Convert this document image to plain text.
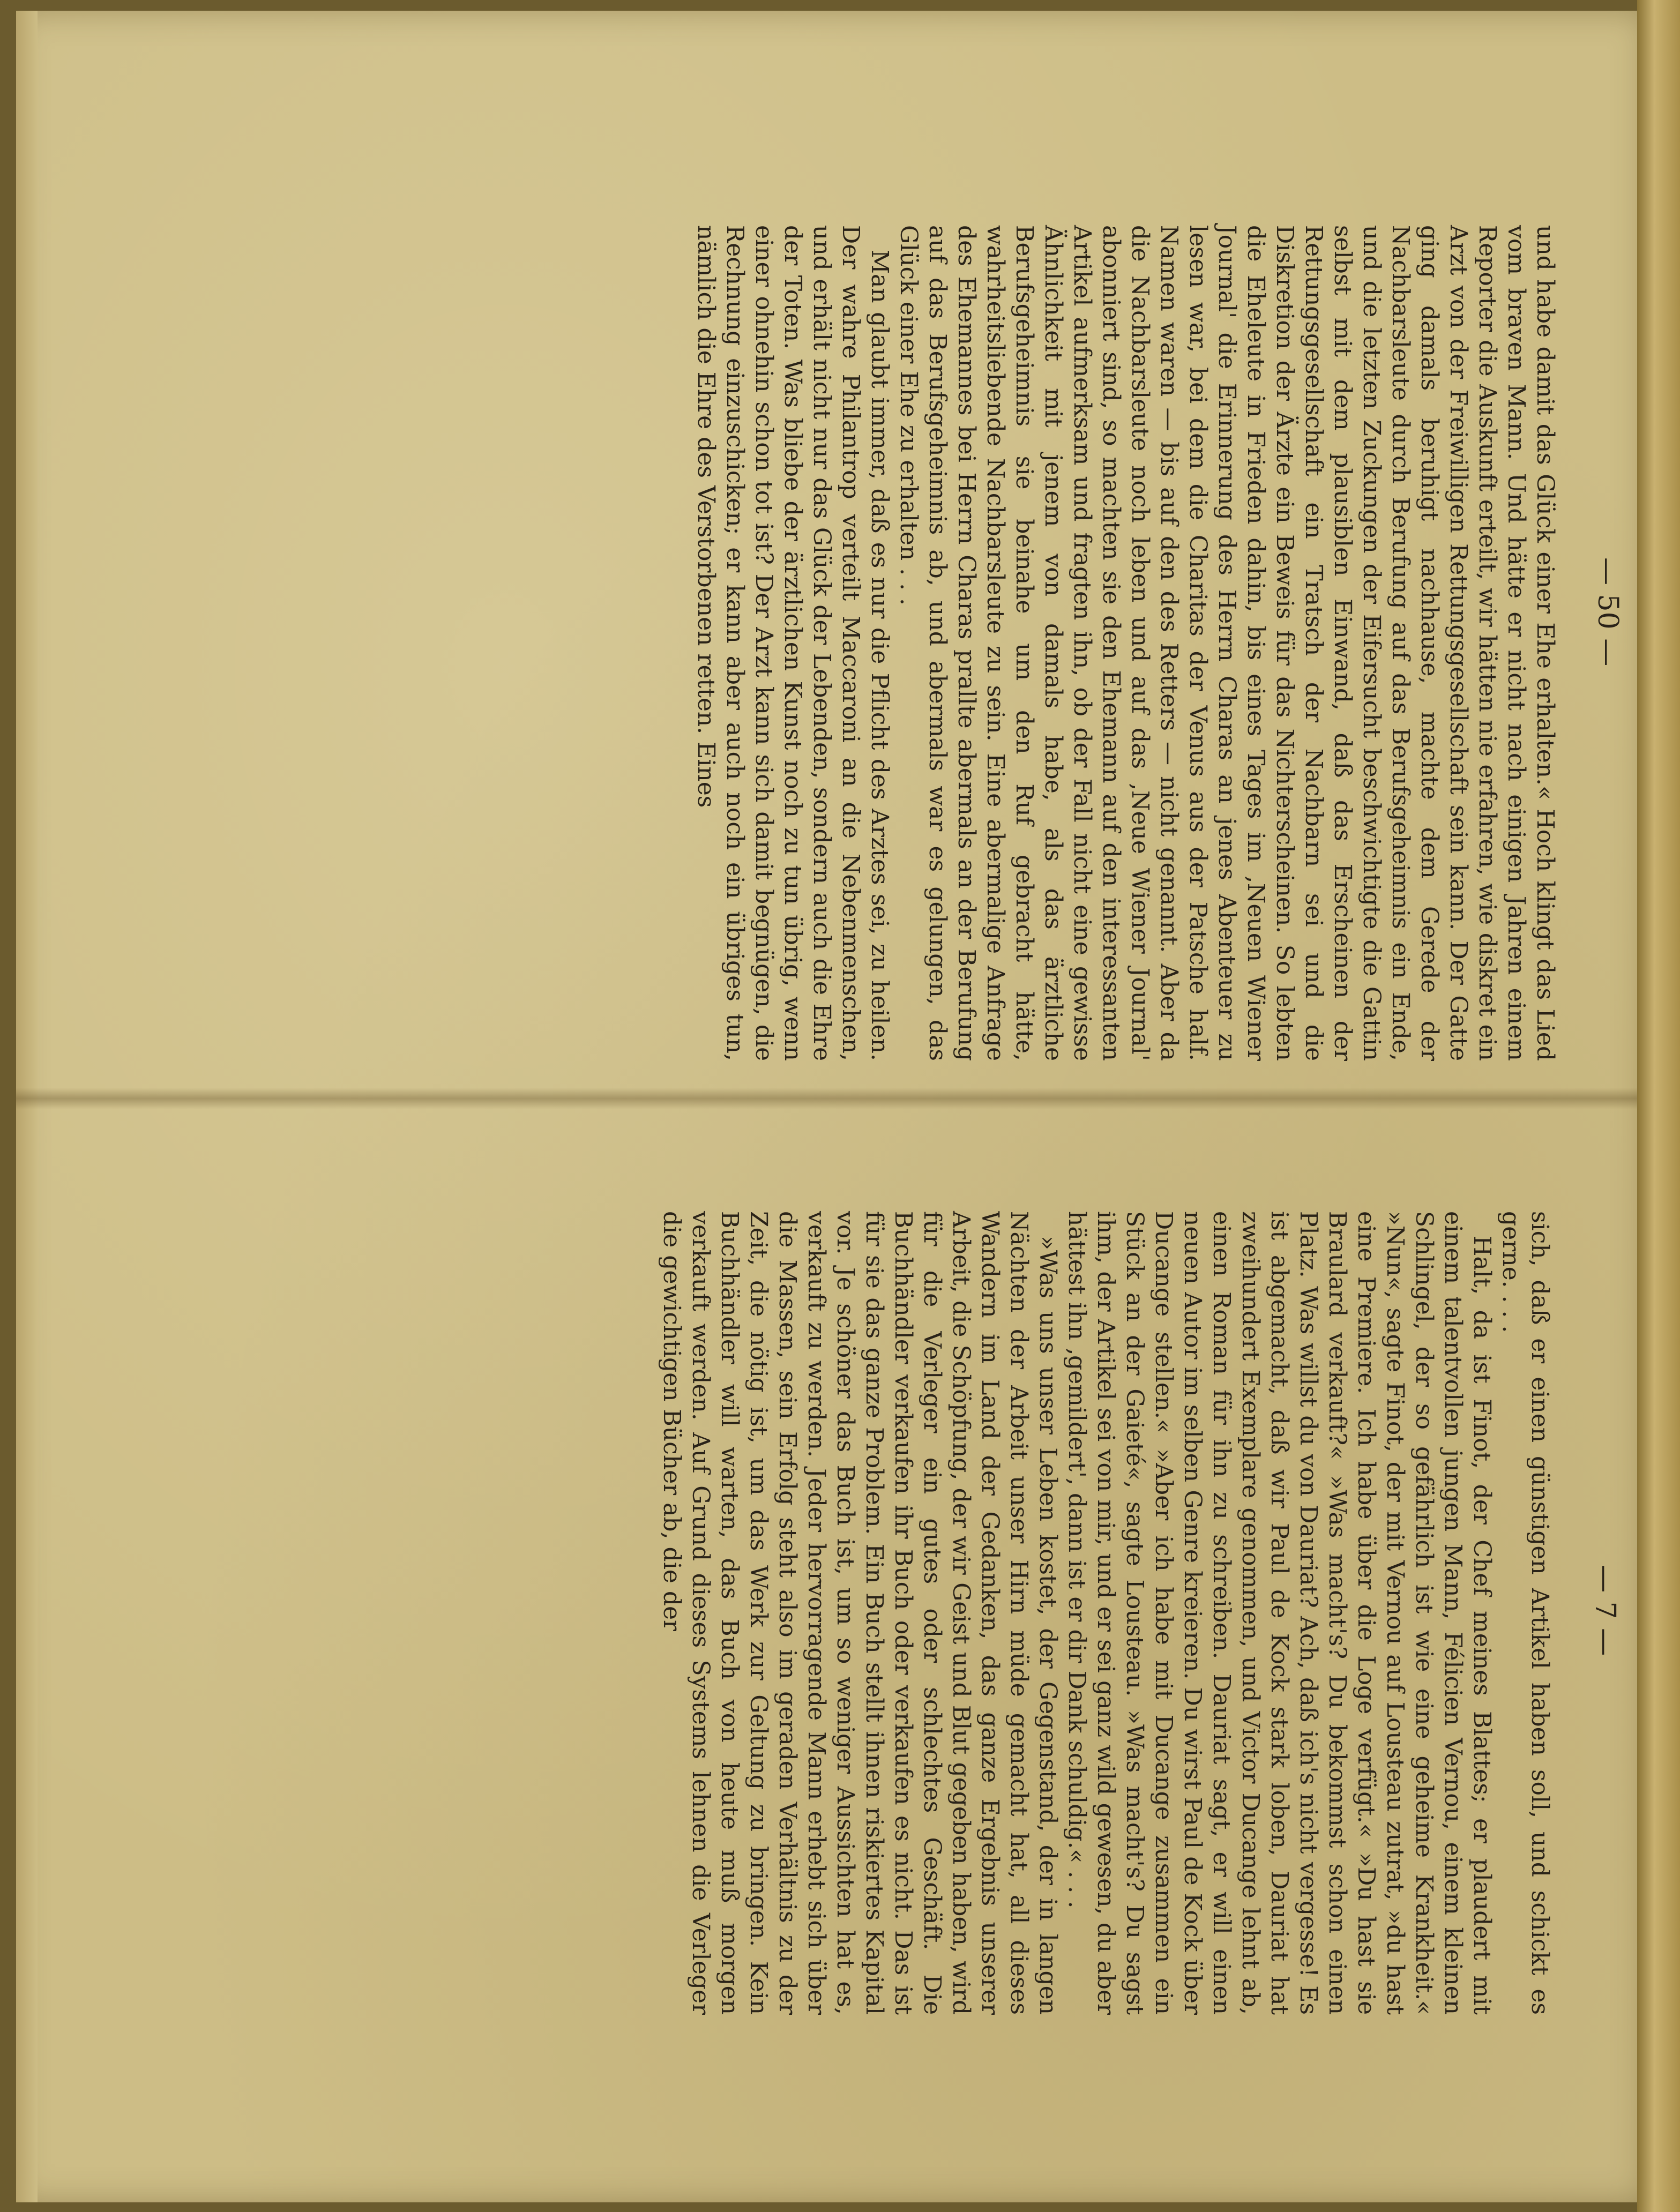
— 50 —

und habe damit das Glück einer Ehe erhalten.« Hoch klingt das Lied vom braven Mann. Und hätte er nicht nach einigen Jahren einem Reporter die Auskunft erteilt, wir hätten nie erfahren, wie diskret ein Arzt von der Freiwilligen Rettungsgesellschaft sein kann. Der Gatte ging damals beruhigt nachhause, machte dem Gerede der Nachbarsleute durch Berufung auf das Berufsgeheimnis ein Ende, und die letzten Zuckungen der Eifersucht beschwichtigte die Gattin selbst mit dem plausiblen Einwand, daß das Erscheinen der Rettungsgesellschaft ein Tratsch der Nachbarn sei und die Diskretion der Ärzte ein Beweis für das Nichterscheinen. So lebten die Eheleute in Frieden dahin, bis eines Tages im ‚Neuen Wiener Journal' die Erinnerung des Herrn Charas an jenes Abenteuer zu lesen war, bei dem die Charitas der Venus aus der Patsche half. Namen waren — bis auf den des Retters — nicht genannt. Aber da die Nachbarsleute noch leben und auf das ‚Neue Wiener Journal' abonniert sind, so machten sie den Ehemann auf den interessanten Artikel aufmerksam und fragten ihn, ob der Fall nicht eine gewisse Ähnlichkeit mit jenem von damals habe, als das ärztliche Berufsgeheimnis sie beinahe um den Ruf gebracht hätte, wahrheitsliebende Nachbarsleute zu sein. Eine abermalige Anfrage des Ehemannes bei Herrn Charas prallte abermals an der Berufung auf das Berufsgeheimnis ab, und abermals war es gelungen, das Glück einer Ehe zu erhalten . . .

Man glaubt immer, daß es nur die Pflicht des Arztes sei, zu heilen. Der wahre Philantrop verteilt Maccaroni an die Nebenmenschen, und erhält nicht nur das Glück der Lebenden, sondern auch die Ehre der Toten. Was bliebe der ärztlichen Kunst noch zu tun übrig, wenn einer ohnehin schon tot ist? Der Arzt kann sich damit begnügen, die Rechnung einzuschicken; er kann aber auch noch ein übriges tun, nämlich die Ehre des Verstorbenen retten. Eines

— 7 —

sich, daß er einen günstigen Artikel haben soll, und schickt es gerne. . . .

Halt, da ist Finot, der Chef meines Blattes; er plaudert mit einem talentvollen jungen Mann, Félicien Vernou, einem kleinen Schlingel, der so gefährlich ist wie eine geheime Krankheit.« »Nun«, sagte Finot, der mit Vernou auf Lousteau zutrat, »du hast eine Premiere. Ich habe über die Loge verfügt.« »Du hast sie Braulard verkauft?« »Was macht's? Du bekommst schon einen Platz. Was willst du von Dauriat? Ach, daß ich's nicht vergesse! Es ist abgemacht, daß wir Paul de Kock stark loben, Dauriat hat zweihundert Exemplare genommen, und Victor Ducange lehnt ab, einen Roman für ihn zu schreiben. Dauriat sagt, er will einen neuen Autor im selben Genre kreieren. Du wirst Paul de Kock über Ducange stellen.« »Aber ich habe mit Ducange zusammen ein Stück an der Gaieté«, sagte Lousteau. »Was macht's? Du sagst ihm, der Artikel sei von mir, und er sei ganz wild gewesen, du aber hättest ihn ‚gemildert', dann ist er dir Dank schuldig.« . . .

»Was uns unser Leben kostet, der Gegenstand, der in langen Nächten der Arbeit unser Hirn müde gemacht hat, all dieses Wandern im Land der Gedanken, das ganze Ergebnis unserer Arbeit, die Schöpfung, der wir Geist und Blut gegeben haben, wird für die Verleger ein gutes oder schlechtes Geschäft. Die Buchhändler verkaufen ihr Buch oder verkaufen es nicht. Das ist für sie das ganze Problem. Ein Buch stellt ihnen riskiertes Kapital vor. Je schöner das Buch ist, um so weniger Aussichten hat es, verkauft zu werden. Jeder hervorragende Mann erhebt sich über die Massen, sein Erfolg steht also im geraden Verhältnis zu der Zeit, die nötig ist, um das Werk zur Geltung zu bringen. Kein Buchhändler will warten, das Buch von heute muß morgen verkauft werden. Auf Grund dieses Systems lehnen die Verleger die gewichtigen Bücher ab, die der
